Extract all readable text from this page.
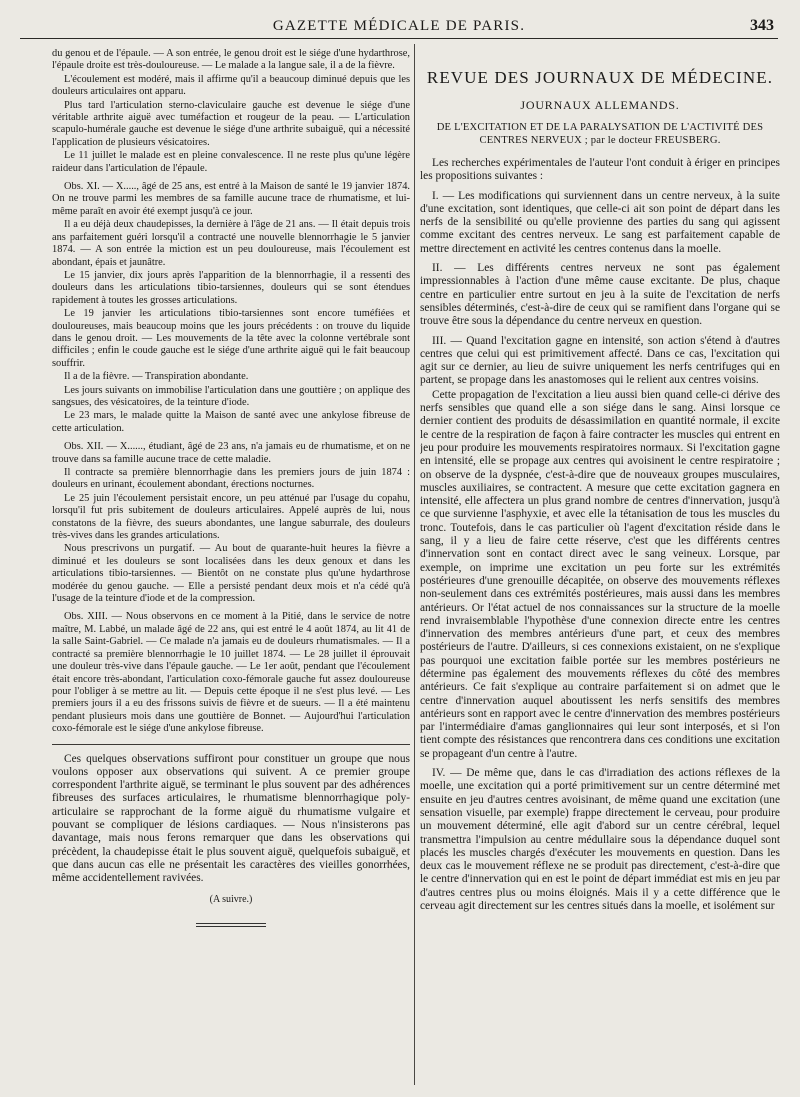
GAZETTE MÉDICALE DE PARIS.	343

du genou et de l'épaule. — A son entrée, le genou droit est le siége d'une hydarthrose, l'épaule droite est très-douloureuse. — Le malade a la langue sale, il a de la fièvre.

L'écoulement est modéré, mais il affirme qu'il a beaucoup diminué depuis que les douleurs articulaires ont apparu.

Plus tard l'articulation sterno-claviculaire gauche est devenue le siége d'une véritable arthrite aiguë avec tuméfaction et rougeur de la peau. — L'articulation scapulo-humérale gauche est devenue le siége d'une arthrite subaiguë, qui a nécessité l'application de plusieurs vésicatoires.

Le 11 juillet le malade est en pleine convalescence. Il ne reste plus qu'une légère raideur dans l'articulation de l'épaule.

Obs. XI. — X....., âgé de 25 ans, est entré à la Maison de santé le 19 janvier 1874. On ne trouve parmi les membres de sa famille aucune trace de rhumatisme, et lui-même paraît en avoir été exempt jusqu'à ce jour.

Il a eu déjà deux chaudepisses, la dernière à l'âge de 21 ans. — Il était depuis trois ans parfaitement guéri lorsqu'il a contracté une nouvelle blennorrhagie le 5 janvier 1874. — A son entrée la miction est un peu douloureuse, mais l'écoulement est abondant, épais et jaunâtre.

Le 15 janvier, dix jours après l'apparition de la blennorrhagie, il a ressenti des douleurs dans les articulations tibio-tarsiennes, douleurs qui se sont étendues rapidement à toutes les grosses articulations.

Le 19 janvier les articulations tibio-tarsiennes sont encore tuméfiées et douloureuses, mais beaucoup moins que les jours précédents : on trouve du liquide dans le genou droit. — Les mouvements de la tête avec la colonne vertébrale sont difficiles ; enfin le coude gauche est le siége d'une arthrite aiguë qui le fait beaucoup souffrir.

Il a de la fièvre. — Transpiration abondante.

Les jours suivants on immobilise l'articulation dans une gouttière ; on applique des sangsues, des vésicatoires, de la teinture d'iode.

Le 23 mars, le malade quitte la Maison de santé avec une ankylose fibreuse de cette articulation.

Obs. XII. — X......, étudiant, âgé de 23 ans, n'a jamais eu de rhumatisme, et on ne trouve dans sa famille aucune trace de cette maladie.

Il contracte sa première blennorrhagie dans les premiers jours de juin 1874 : douleurs en urinant, écoulement abondant, érections nocturnes.

Le 25 juin l'écoulement persistait encore, un peu atténué par l'usage du copahu, lorsqu'il fut pris subitement de douleurs articulaires. Appelé auprès de lui, nous constatons de la fièvre, des sueurs abondantes, une langue saburrale, des douleurs très-vives dans les grandes articulations.

Nous prescrivons un purgatif. — Au bout de quarante-huit heures la fièvre a diminué et les douleurs se sont localisées dans les deux genoux et dans les articulations tibio-tarsiennes. — Bientôt on ne constate plus qu'une hydarthrose modérée du genou gauche. — Elle a persisté pendant deux mois et n'a cédé qu'à l'usage de la teinture d'iode et de la compression.

Obs. XIII. — Nous observons en ce moment à la Pitié, dans le service de notre maître, M. Labbé, un malade âgé de 22 ans, qui est entré le 4 août 1874, au lit 41 de la salle Saint-Gabriel. — Ce malade n'a jamais eu de douleurs rhumatismales. — Il a contracté sa première blennorrhagie le 10 juillet 1874. — Le 28 juillet il éprouvait une douleur très-vive dans l'épaule gauche. — Le 1er août, pendant que l'écoulement était encore très-abondant, l'articulation coxo-fémorale gauche fut assez douloureuse pour l'obliger à se mettre au lit. — Depuis cette époque il ne s'est plus levé. — Les premiers jours il a eu des frissons suivis de fièvre et de sueurs. — Il a été maintenu pendant plusieurs mois dans une gouttière de Bonnet. — Aujourd'hui l'articulation coxo-fémorale est le siége d'une ankylose fibreuse.

Ces quelques observations suffiront pour constituer un groupe que nous voulons opposer aux observations qui suivent. A ce premier groupe correspondent l'arthrite aiguë, se terminant le plus souvent par des adhérences fibreuses des surfaces articulaires, le rhumatisme blennorrhagique poly-articulaire se rapprochant de la forme aiguë du rhumatisme vulgaire et pouvant se compliquer de lésions cardiaques. — Nous n'insisterons pas davantage, mais nous ferons remarquer que dans les observations qui précèdent, la chaudepisse était le plus souvent aiguë, quelquefois subaiguë, et que dans aucun cas elle ne présentait les caractères des vieilles gonorrhées, même accidentellement ravivées.

(A suivre.)
REVUE DES JOURNAUX DE MÉDECINE.
JOURNAUX ALLEMANDS.
DE L'EXCITATION ET DE LA PARALYSATION DE L'ACTIVITÉ DES CENTRES NERVEUX ; par le docteur FREUSBERG.

Les recherches expérimentales de l'auteur l'ont conduit à ériger en principes les propositions suivantes :

I. — Les modifications qui surviennent dans un centre nerveux, à la suite d'une excitation, sont identiques, que celle-ci ait son point de départ dans les nerfs de la sensibilité ou qu'elle provienne des parties du sang qui agissent comme excitant des centres nerveux. Le sang est parfaitement capable de mettre directement en activité les centres contenus dans la moelle.

II. — Les différents centres nerveux ne sont pas également impressionnables à l'action d'une même cause excitante. De plus, chaque centre en particulier entre surtout en jeu à la suite de l'excitation de nerfs sensibles déterminés, c'est-à-dire de ceux qui se ramifient dans l'organe qui se trouve être sous la dépendance du centre nerveux en question.

III. — Quand l'excitation gagne en intensité, son action s'étend à d'autres centres que celui qui est primitivement affecté. Dans ce cas, l'excitation qui agit sur ce dernier, au lieu de suivre uniquement les nerfs centrifuges qui en partent, se propage dans les anastomoses qui le relient aux centres voisins.

Cette propagation de l'excitation a lieu aussi bien quand celle-ci dérive des nerfs sensibles que quand elle a son siége dans le sang. Ainsi lorsque ce dernier contient des produits de désassimilation en quantité normale, il excite le centre de la respiration de façon à faire contracter les muscles qui entrent en jeu pour produire les mouvements respiratoires normaux. Si l'excitation gagne en intensité, elle se propage aux centres qui avoisinent le centre respiratoire ; on observe de la dyspnée, c'est-à-dire que de nouveaux groupes musculaires, muscles auxiliaires, se contractent. A mesure que cette excitation gagnera en intensité, elle affectera un plus grand nombre de centres d'innervation, jusqu'à ce que survienne l'asphyxie, et avec elle la tétanisation de tous les muscles du tronc. Toutefois, dans le cas particulier où l'agent d'excitation réside dans le sang, il y a lieu de faire cette réserve, c'est que les différents centres d'innervation sont en contact direct avec le sang veineux. Lorsque, par exemple, on imprime une excitation un peu forte sur les extrémités postérieures d'une grenouille décapitée, on observe des mouvements réflexes non-seulement dans ces extrémités postérieures, mais aussi dans les membres antérieurs. Or l'état actuel de nos connaissances sur la structure de la moelle rend invraisemblable l'hypothèse d'une connexion directe entre les centres d'innervation des membres antérieurs d'une part, et ceux des membres postérieurs de l'autre. D'ailleurs, si ces connexions existaient, on ne s'explique pas pourquoi une excitation faible portée sur les membres postérieurs ne détermine pas également des mouvements réflexes du côté des membres antérieurs. Ce fait s'explique au contraire parfaitement si on admet que le centre d'innervation auquel aboutissent les nerfs sensitifs des membres antérieurs sont en rapport avec le centre d'innervation des membres postérieurs par l'intermédiaire d'amas ganglionnaires qui leur sont interposés, et si l'on tient compte des résistances que rencontrera dans ces conditions une excitation se propageant d'un centre à l'autre.

IV. — De même que, dans le cas d'irradiation des actions réflexes de la moelle, une excitation qui a porté primitivement sur un centre déterminé met ensuite en jeu d'autres centres avoisinant, de même quand une excitation (une sensation visuelle, par exemple) frappe directement le cerveau, pour produire un mouvement déterminé, elle agit d'abord sur un centre cérébral, lequel transmettra l'impulsion au centre médullaire sous la dépendance duquel sont placés les muscles chargés d'exécuter les mouvements en question. Dans les deux cas le mouvement réflexe ne se produit pas directement, c'est-à-dire que le centre d'innervation qui en est le point de départ immédiat est mis en jeu par d'autres centres plus ou moins éloignés. Mais il y a cette différence que le cerveau agit directement sur les centres situés dans la moelle, et isolément sur
